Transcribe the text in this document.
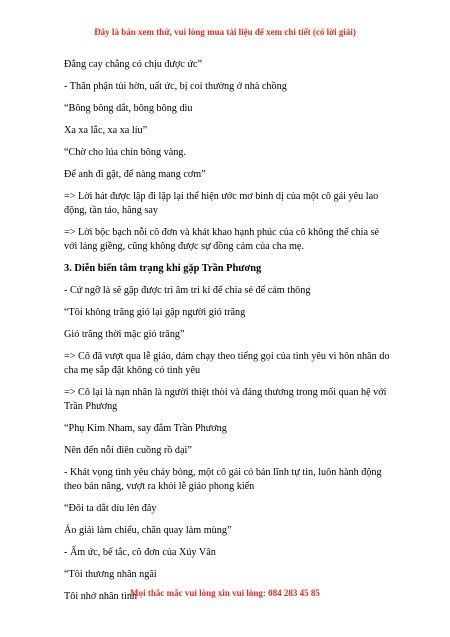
Đây là bản xem thử, vui lòng mua tài liệu để xem chi tiết (có lời giải)

Đắng cay chẳng có chịu được ức”

- Thân phận tủi hờn, uất ức, bị coi thường ở nhà chồng

“Bông bông dắt, bông bông dìu

Xa xa lắc, xa xa líu”

“Chờ cho lúa chín bông vàng.

Để anh đi gặt, để nàng mang cơm”

=> Lời hát được lặp đi lặp lại thể hiện ước mơ bình dị của một cô gái yêu lao động, tần tảo, hăng say

=> Lời bộc bạch nỗi cô đơn và khát khao hạnh phúc của cô không thể chia sẻ với láng giềng, cũng không được sự đồng cảm của cha mẹ.

3. Diễn biến tâm trạng khi gặp Trần Phương

- Cứ ngỡ là sẽ gặp được tri âm tri kỉ để chia sẻ để cảm thông

“Tôi không trăng gió lại gặp người gió trăng

Gió trăng thời mặc gió trăng”

=> Cô đã vượt qua lễ giáo, dám chạy theo tiếng gọi của tình yêu vì hôn nhân do cha mẹ sắp đặt không có tình yêu

=> Cô lại là nạn nhân là người thiệt thòi và đáng thương trong mối quan hệ với Trần Phương

“Phụ Kim Nham, say đắm Trần Phương

Nên đến nỗi điên cuồng rồ dại”

- Khát vọng tình yêu cháy bỏng, một cô gái có bản lĩnh tự tin, luôn hành động theo bản năng, vượt ra khỏi lễ giáo phong kiến

“Đôi ta dắt díu lên đây

Ảo giải làm chiếu, chăn quay làm mùng”

- Ấm ức, bế tắc, cô đơn của Xúy Vân

“Tôi thương nhân ngãi

Tôi nhớ nhân tình

Mọi thắc mắc vui lòng xin vui lòng: 084 283 45 85
